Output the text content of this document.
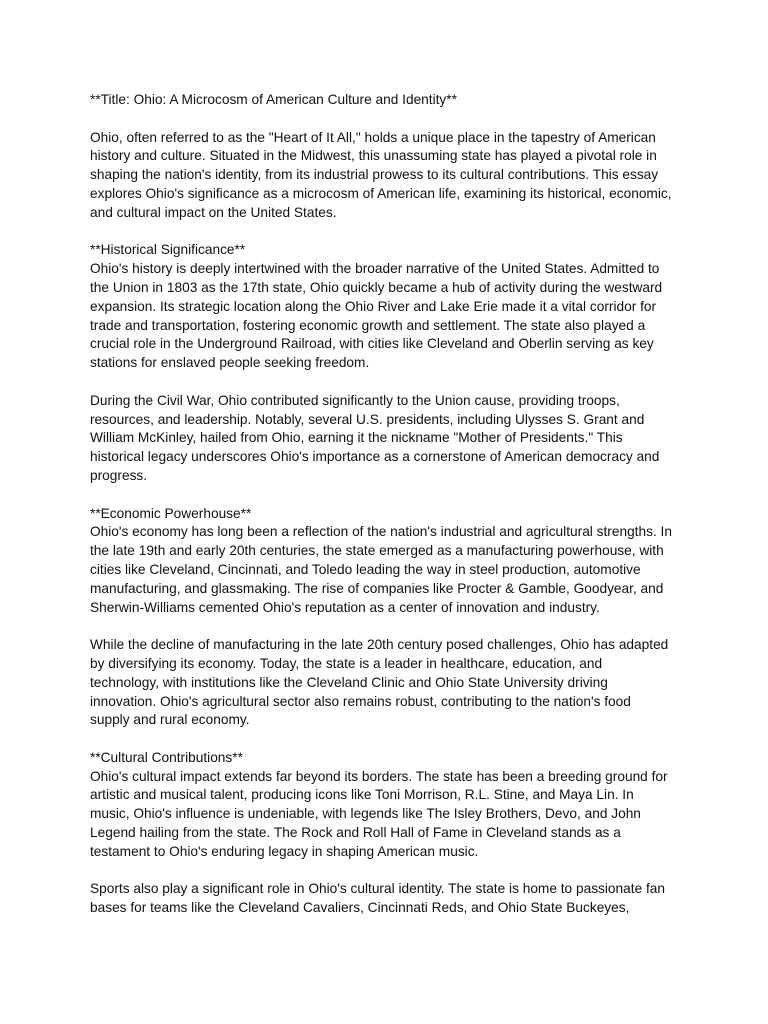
**Title: Ohio: A Microcosm of American Culture and Identity**

Ohio, often referred to as the "Heart of It All," holds a unique place in the tapestry of American
history and culture. Situated in the Midwest, this unassuming state has played a pivotal role in
shaping the nation's identity, from its industrial prowess to its cultural contributions. This essay
explores Ohio's significance as a microcosm of American life, examining its historical, economic,
and cultural impact on the United States.

**Historical Significance**
Ohio's history is deeply intertwined with the broader narrative of the United States. Admitted to
the Union in 1803 as the 17th state, Ohio quickly became a hub of activity during the westward
expansion. Its strategic location along the Ohio River and Lake Erie made it a vital corridor for
trade and transportation, fostering economic growth and settlement. The state also played a
crucial role in the Underground Railroad, with cities like Cleveland and Oberlin serving as key
stations for enslaved people seeking freedom.

During the Civil War, Ohio contributed significantly to the Union cause, providing troops,
resources, and leadership. Notably, several U.S. presidents, including Ulysses S. Grant and
William McKinley, hailed from Ohio, earning it the nickname "Mother of Presidents." This
historical legacy underscores Ohio's importance as a cornerstone of American democracy and
progress.

**Economic Powerhouse**
Ohio's economy has long been a reflection of the nation's industrial and agricultural strengths. In
the late 19th and early 20th centuries, the state emerged as a manufacturing powerhouse, with
cities like Cleveland, Cincinnati, and Toledo leading the way in steel production, automotive
manufacturing, and glassmaking. The rise of companies like Procter & Gamble, Goodyear, and
Sherwin-Williams cemented Ohio's reputation as a center of innovation and industry.

While the decline of manufacturing in the late 20th century posed challenges, Ohio has adapted
by diversifying its economy. Today, the state is a leader in healthcare, education, and
technology, with institutions like the Cleveland Clinic and Ohio State University driving
innovation. Ohio's agricultural sector also remains robust, contributing to the nation's food
supply and rural economy.

**Cultural Contributions**
Ohio's cultural impact extends far beyond its borders. The state has been a breeding ground for
artistic and musical talent, producing icons like Toni Morrison, R.L. Stine, and Maya Lin. In
music, Ohio's influence is undeniable, with legends like The Isley Brothers, Devo, and John
Legend hailing from the state. The Rock and Roll Hall of Fame in Cleveland stands as a
testament to Ohio's enduring legacy in shaping American music.

Sports also play a significant role in Ohio's cultural identity. The state is home to passionate fan
bases for teams like the Cleveland Cavaliers, Cincinnati Reds, and Ohio State Buckeyes,
